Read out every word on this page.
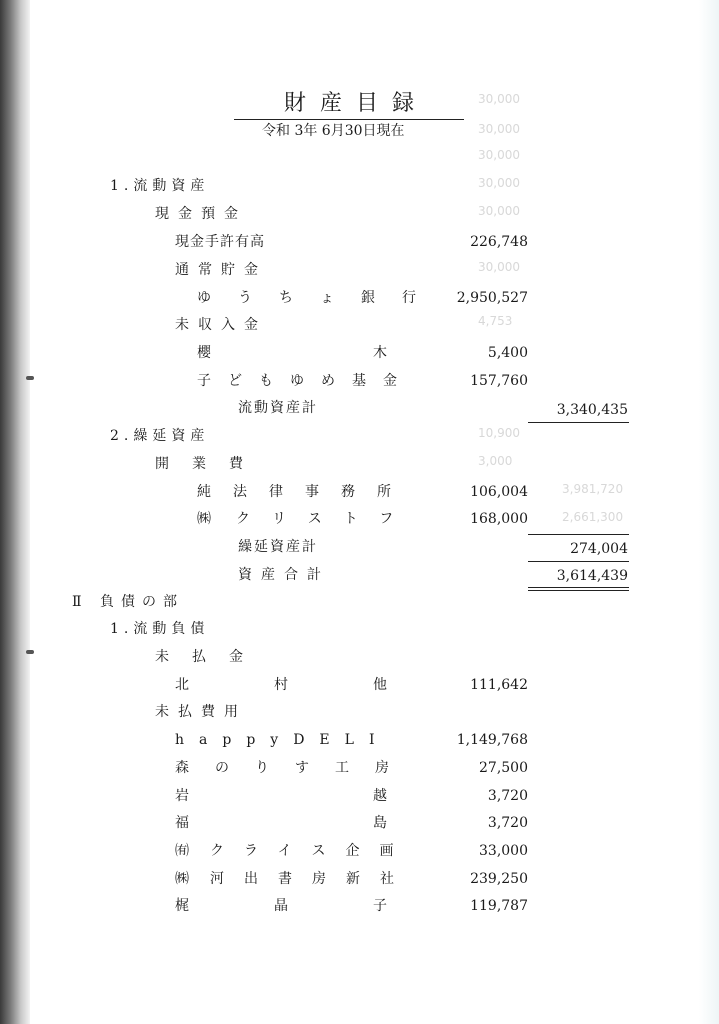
30,000
30,000
30,000
30,000
30,000
30,000
4,753
10,900
3,000
3,981,720
2,661,300
財産目録
令和 3年 6月30日現在
1.流動資産
現金預金
現金手許有高	226,748
通常貯金
ゆうちょ銀行 2,950,527
未収入金
櫻	木	5,400
子どもゆめ基金	157,760
流動資産計	3,340,435
2.繰延資産
開業費
純法律事務所	106,004
㈱ クリストフ	168,000
繰延資産計	274,004
資産合計	3,614,439
Ⅱ 負債の部
1.流動負債
未払金
北	村	他	111,642
未払費用
happyDELI	1,149,768
森のりす工房	27,500
岩	越	3,720
福	島	3,720
㈲ クライス企画	33,000
㈱ 河出書房新社	239,250
梶	晶	子	119,787
